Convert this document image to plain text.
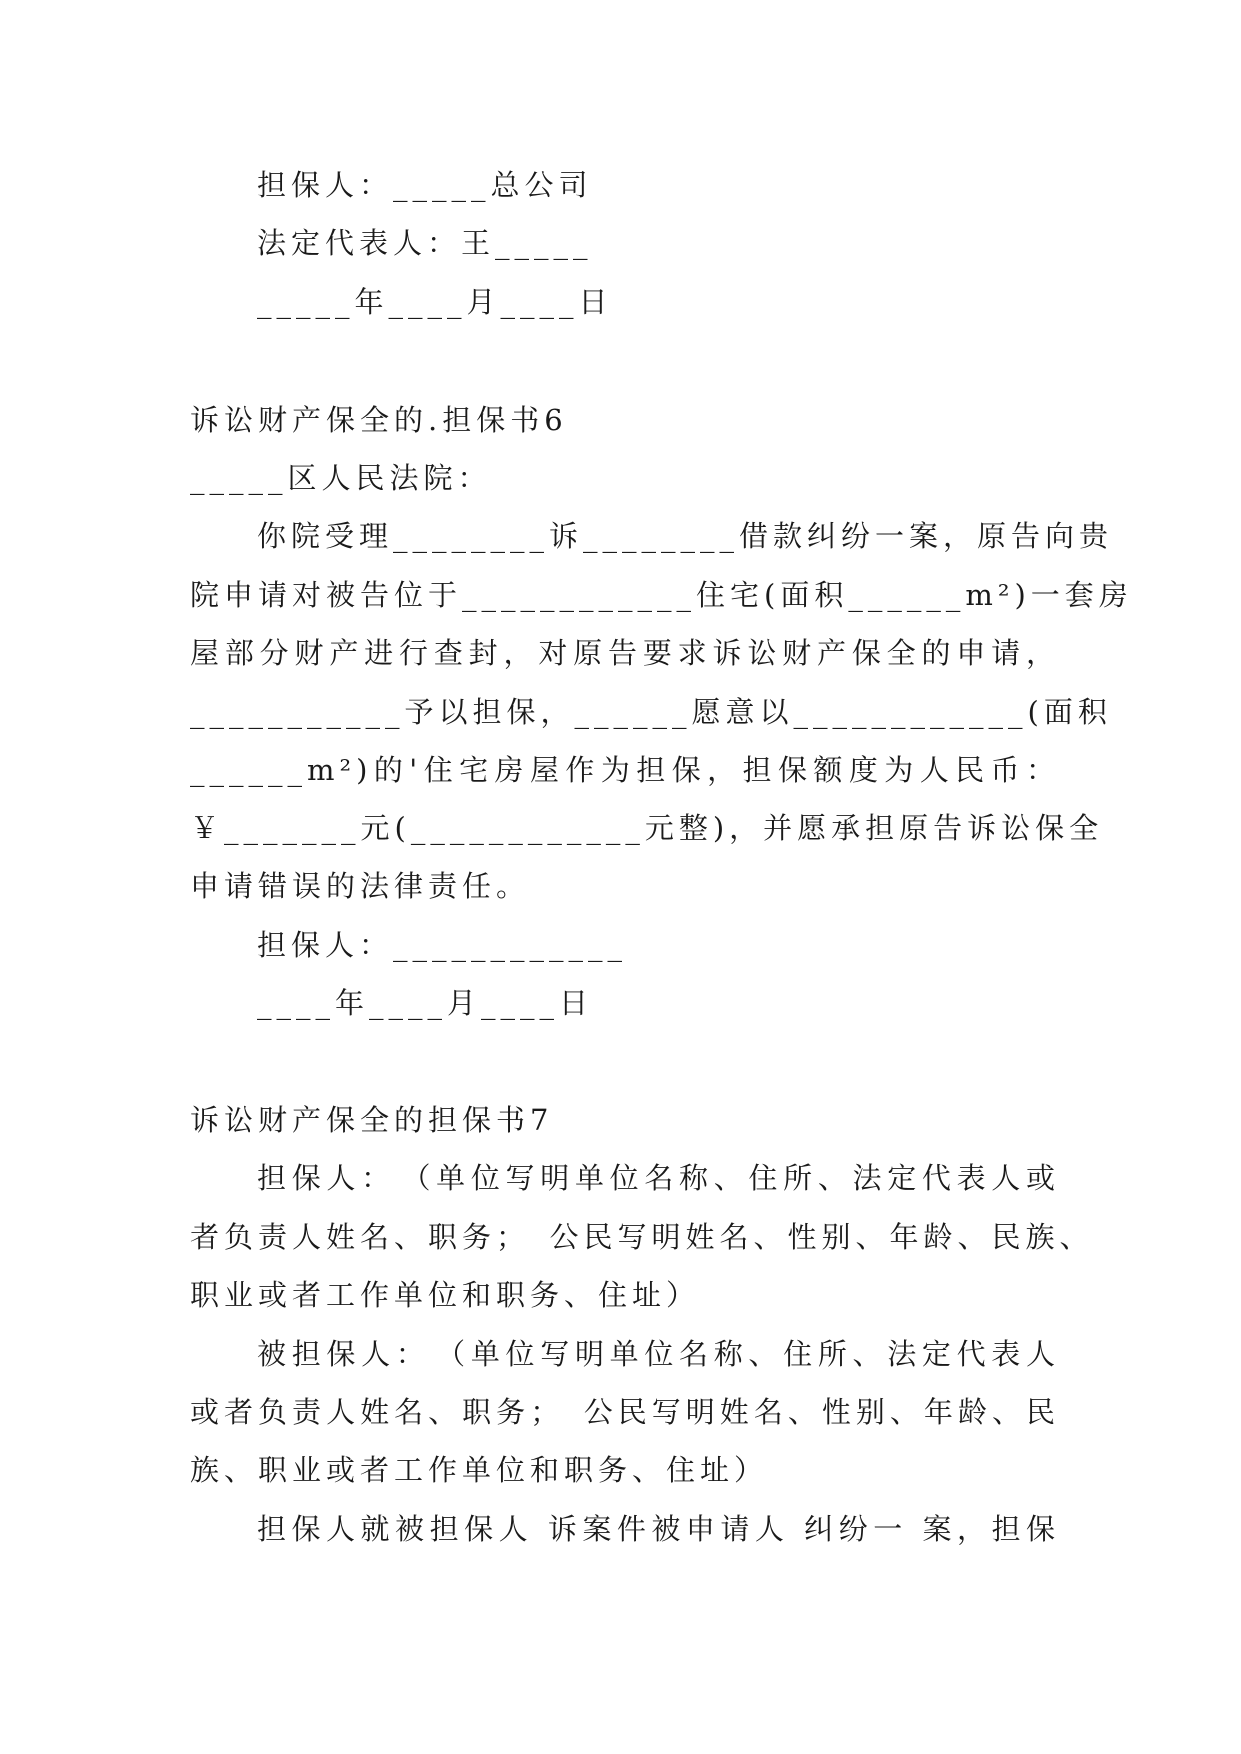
担保人：_____总公司
法定代表人：王_____
_____年____月____日
诉讼财产保全的.担保书6
_____区人民法院：
你院受理________诉________借款纠纷一案，原告向贵
院申请对被告位于____________住宅(面积______m²)一套房
屋部分财产进行查封，对原告要求诉讼财产保全的申请，
___________予以担保，______愿意以____________(面积
______m²)的'住宅房屋作为担保，担保额度为人民币：
￥_______元(____________元整)，并愿承担原告诉讼保全
申请错误的法律责任。
担保人：____________
____年____月____日
诉讼财产保全的担保书7
担保人：　（单位写明单位名称、住所、法定代表人或
者负责人姓名、职务；　公民写明姓名、性别、年龄、民族、
职业或者工作单位和职务、住址）
被担保人：　（单位写明单位名称、住所、法定代表人
或者负责人姓名、职务；　公民写明姓名、性别、年龄、民
族、职业或者工作单位和职务、住址）
担保人就被担保人 诉案件被申请人 纠纷一 案，担保
